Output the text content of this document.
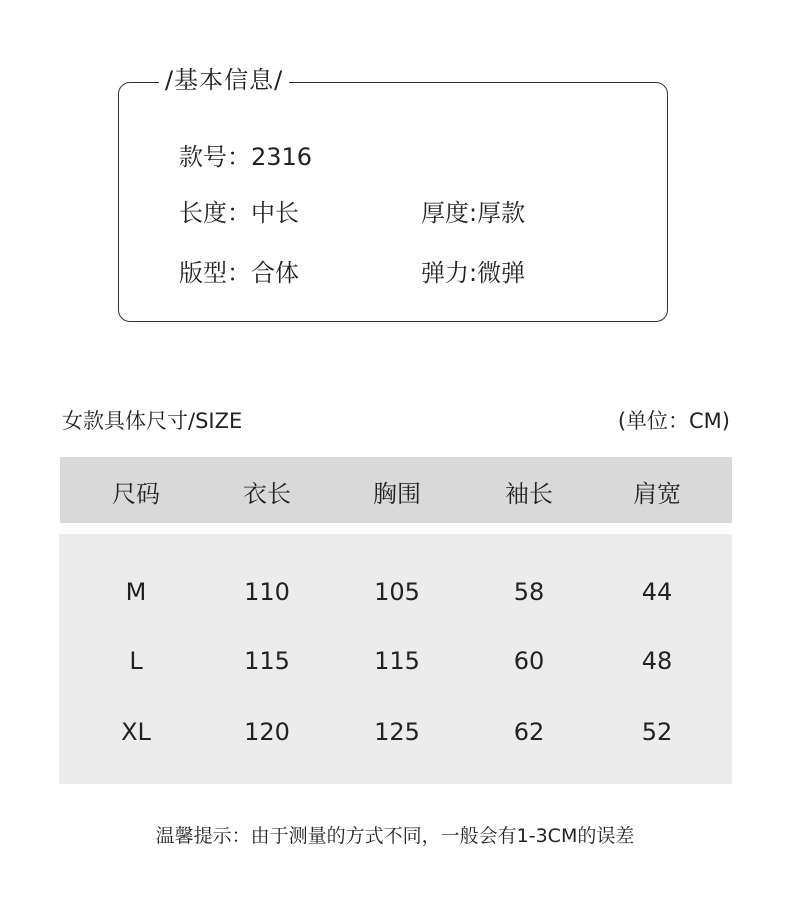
/基本信息/
款号：2316
长度：中长	厚度:厚款
版型：合体	弹力:微弹
女款具体尺寸/SIZE	(单位：CM)
尺码	衣长	胸围	袖长	肩宽
M	110	105	58	44
L	115	115	60	48
XL	120	125	62	52
温馨提示：由于测量的方式不同，一般会有1-3CM的误差
